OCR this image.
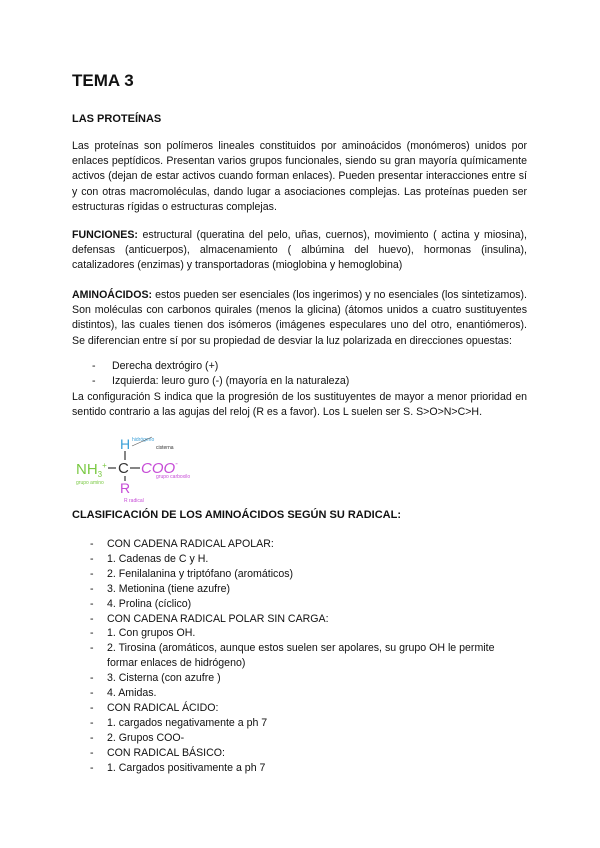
TEMA 3
LAS PROTEÍNAS
Las proteínas son polímeros lineales constituidos por aminoácidos (monómeros) unidos por enlaces peptídicos. Presentan varios grupos funcionales, siendo su gran mayoría químicamente activos (dejan de estar activos cuando forman enlaces). Pueden presentar interacciones entre sí y con otras macromoléculas, dando lugar a asociaciones complejas. Las proteínas pueden ser estructuras rígidas o estructuras complejas.
FUNCIONES: estructural (queratina del pelo, uñas, cuernos), movimiento ( actina y miosina), defensas (anticuerpos), almacenamiento ( albúmina del huevo), hormonas (insulina), catalizadores (enzimas) y transportadoras (mioglobina y hemoglobina)
AMINOÁCIDOS: estos pueden ser esenciales (los ingerimos) y no esenciales (los sintetizamos). Son moléculas con carbonos quirales (menos la glicina) (átomos unidos a cuatro sustituyentes distintos), las cuales tienen dos isómeros (imágenes especulares uno del otro, enantiómeros). Se diferencian entre sí por su propiedad de desviar la luz polarizada en direcciones opuestas:
- Derecha dextrógiro (+)
- Izquierda: leuro guro (-) (mayoría en la naturaleza)
La configuración S indica que la progresión de los sustituyentes de mayor a menor prioridad en sentido contrario a las agujas del reloj (R es a favor). Los L suelen ser S. S>O>N>C>H.
H hidrógeno
cisterna
$NH_3^+$ C COO-
R
grupo amino
grupo carboxilo
R radical
CLASIFICACIÓN DE LOS AMINOÁCIDOS SEGÚN SU RADICAL:
- CON CADENA RADICAL APOLAR:
- 1. Cadenas de C y H.
- 2. Fenilalanina y triptófano (aromáticos)
- 3. Metionina (tiene azufre)
- 4. Prolina (cíclico)
- CON CADENA RADICAL POLAR SIN CARGA:
- 1. Con grupos OH.
- 2. Tirosina (aromáticos, aunque estos suelen ser apolares, su grupo OH le permite
formar enlaces de hidrógeno)
- 3. Cisterna (con azufre )
- 4. Amidas.
- CON RADICAL ÁCIDO:
- 1. cargados negativamente a ph 7
- 2. Grupos COO-
- CON RADICAL BÁSICO:
- 1. Cargados positivamente a ph 7
